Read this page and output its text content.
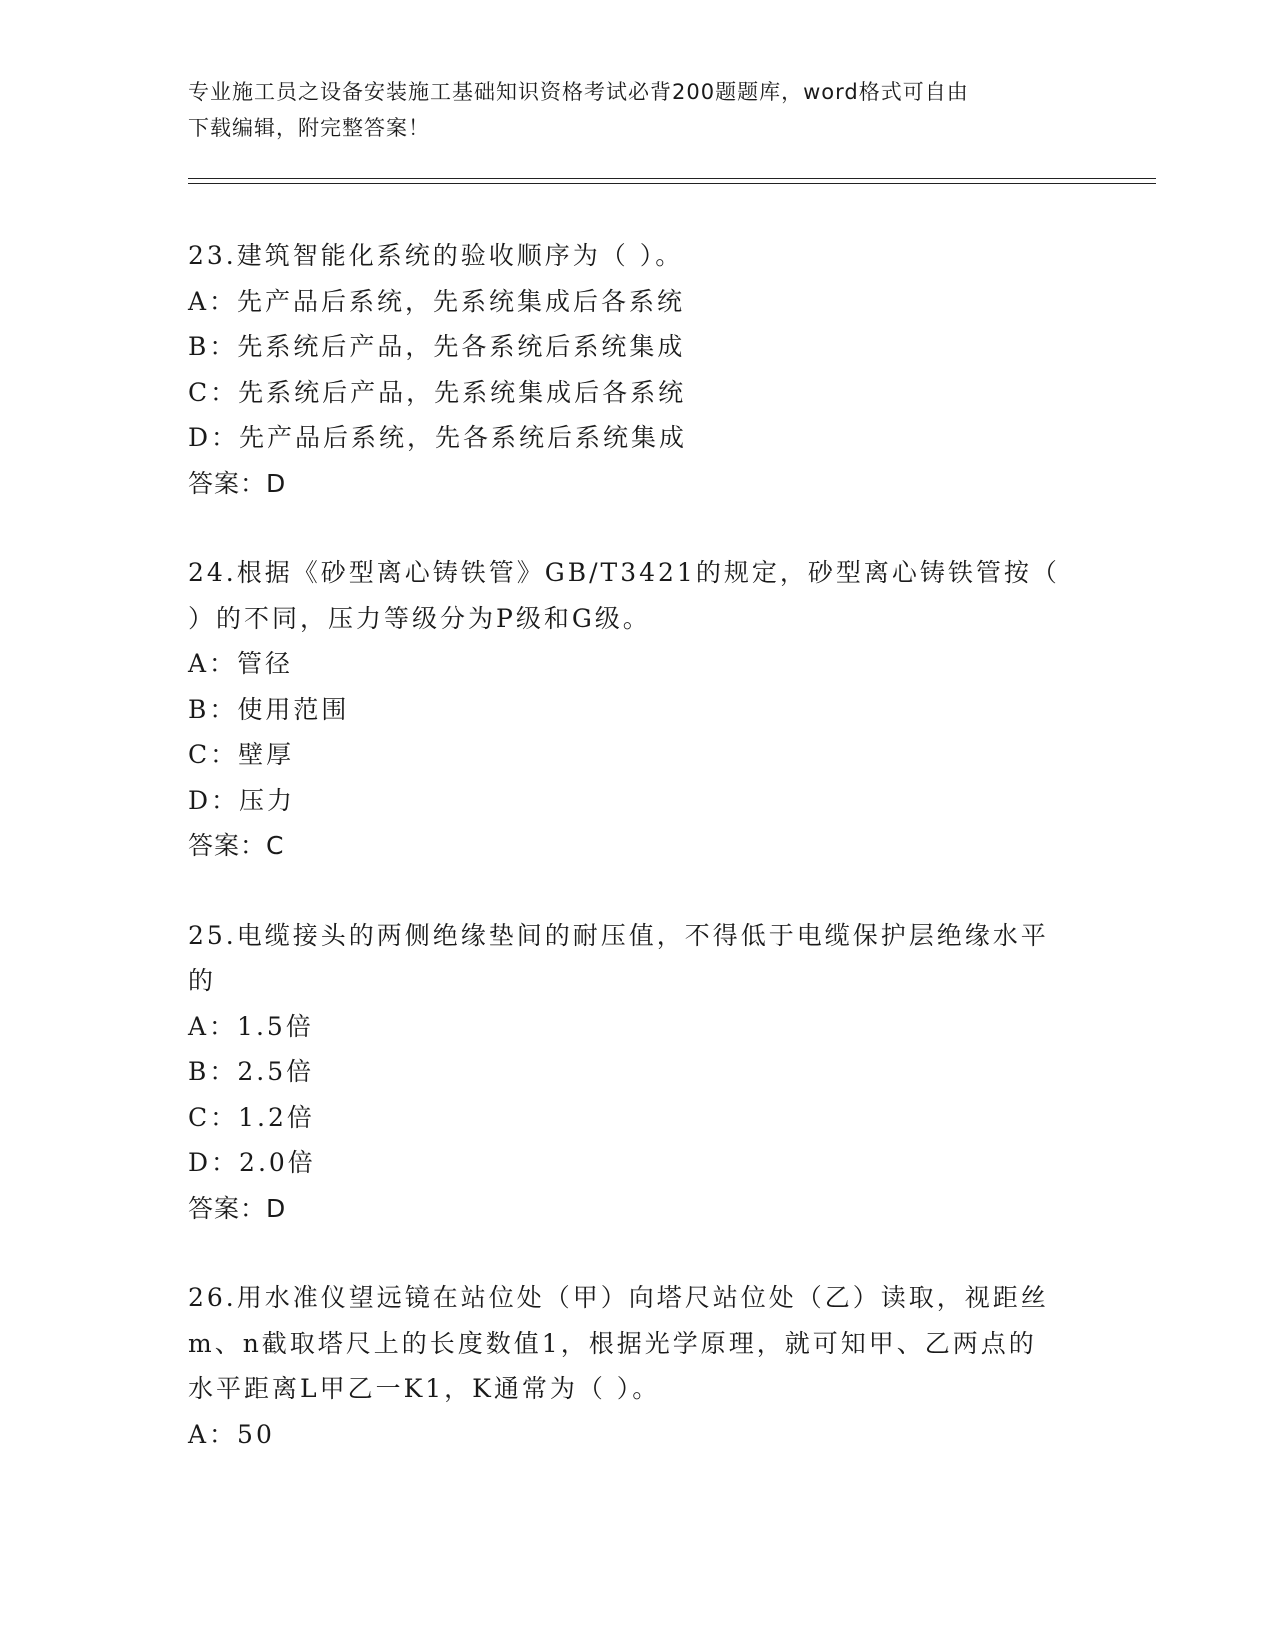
专业施工员之设备安装施工基础知识资格考试必背200题题库，word格式可自由
下载编辑，附完整答案！
23.建筑智能化系统的验收顺序为（ ）。
A：先产品后系统，先系统集成后各系统
B：先系统后产品，先各系统后系统集成
C：先系统后产品，先系统集成后各系统
D：先产品后系统，先各系统后系统集成
答案：D
24.根据《砂型离心铸铁管》GB/T3421的规定，砂型离心铸铁管按（
）的不同，压力等级分为P级和G级。
A：管径
B：使用范围
C：壁厚
D：压力
答案：C
25.电缆接头的两侧绝缘垫间的耐压值，不得低于电缆保护层绝缘水平
的
A：1.5倍
B：2.5倍
C：1.2倍
D：2.0倍
答案：D
26.用水准仪望远镜在站位处（甲）向塔尺站位处（乙）读取，视距丝
m、n截取塔尺上的长度数值1，根据光学原理，就可知甲、乙两点的
水平距离L甲乙一K1，K通常为（ ）。
A：50
